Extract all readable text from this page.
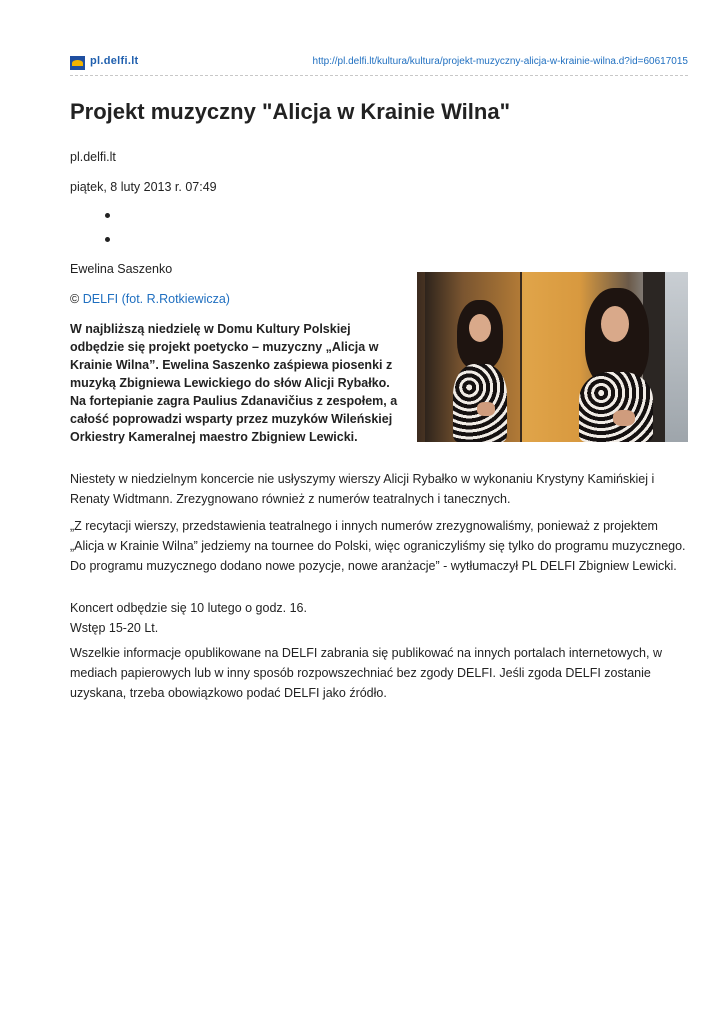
pl.delfi.lt	http://pl.delfi.lt/kultura/kultura/projekt-muzyczny-alicja-w-krainie-wilna.d?id=60617015
Projekt muzyczny "Alicja w Krainie Wilna"

pl.delfi.lt

piątek, 8 luty 2013 r. 07:49

Ewelina Saszenko

© DELFI (fot. R.Rotkiewicza)

W najbliższą niedzielę w Domu Kultury Polskiej odbędzie się projekt poetycko – muzyczny „Alicja w Krainie Wilna”. Ewelina Saszenko zaśpiewa piosenki z muzyką Zbigniewa Lewickiego do słów Alicji Rybałko. Na fortepianie zagra Paulius Zdanavičius z zespołem, a całość poprowadzi wsparty przez muzyków Wileńskiej Orkiestry Kameralnej maestro Zbigniew Lewicki.

Niestety w niedzielnym koncercie nie usłyszymy wierszy Alicji Rybałko w wykonaniu Krystyny Kamińskiej i Renaty Widtmann. Zrezygnowano również z numerów teatralnych i tanecznych.

„Z recytacji wierszy, przedstawienia teatralnego i innych numerów zrezygnowaliśmy, ponieważ z projektem „Alicja w Krainie Wilna” jedziemy na tournee do Polski, więc ograniczyliśmy się tylko do programu muzycznego. Do programu muzycznego dodano nowe pozycje, nowe aranżacje” - wytłumaczył PL DELFI Zbigniew Lewicki.

Koncert odbędzie się 10 lutego o godz. 16.
Wstęp 15-20 Lt.

Wszelkie informacje opublikowane na DELFI zabrania się publikować na innych portalach internetowych, w mediach papierowych lub w inny sposób rozpowszechniać bez zgody DELFI. Jeśli zgoda DELFI zostanie uzyskana, trzeba obowiązkowo podać DELFI jako źródło.
